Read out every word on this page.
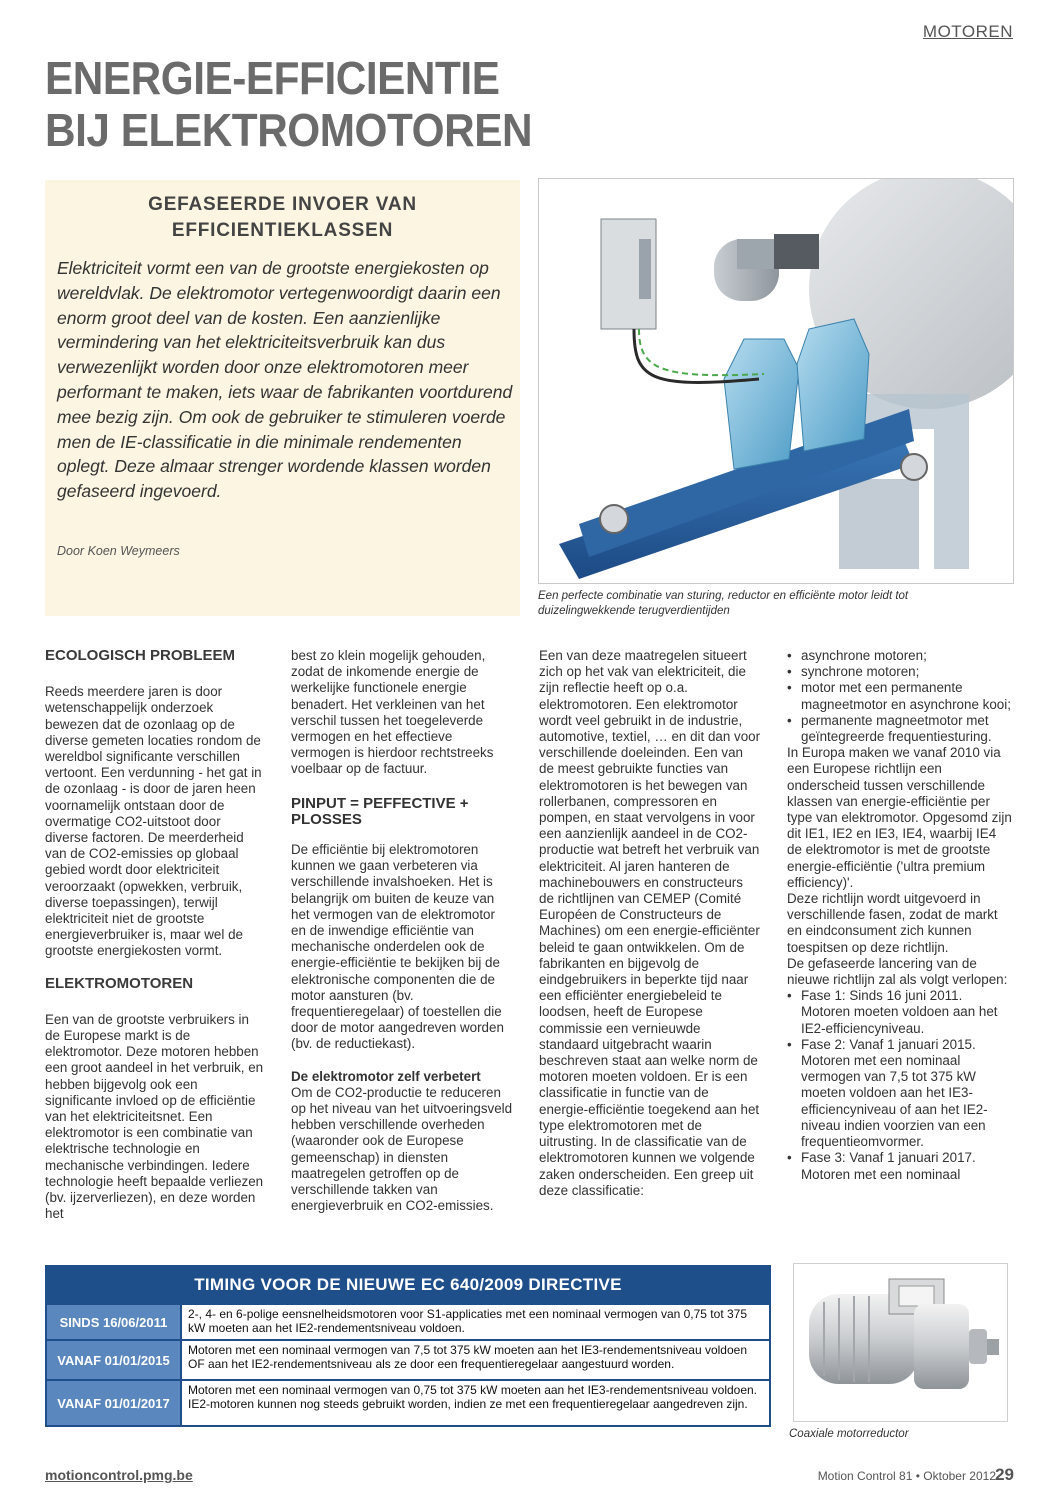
MOTOREN
ENERGIE-EFFICIENTIE
BIJ ELEKTROMOTOREN
GEFASEERDE INVOER VAN
EFFICIENTIEKLASSEN
Elektriciteit vormt een van de grootste energiekosten op wereldvlak. De elektromotor vertegenwoordigt daarin een enorm groot deel van de kosten. Een aanzienlijke vermindering van het elektriciteitsverbruik kan dus verwezenlijkt worden door onze elektromotoren meer performant te maken, iets waar de fabrikanten voortdurend mee bezig zijn. Om ook de gebruiker te stimuleren voerde men de IE-classificatie in die minimale rendementen oplegt. Deze almaar strenger wordende klassen worden gefaseerd ingevoerd.
Door Koen Weymeers
Een perfecte combinatie van sturing, reductor en efficiënte motor leidt tot duizelingwekkende terugverdientijden

ECOLOGISCH PROBLEEM

Reeds meerdere jaren is door wetenschappelijk onderzoek bewezen dat de ozonlaag op de diverse gemeten locaties rondom de wereldbol significante verschillen vertoont. Een verdunning - het gat in de ozonlaag - is door de jaren heen voornamelijk ontstaan door de overmatige CO2-uitstoot door diverse factoren. De meerderheid van de CO2-emissies op globaal gebied wordt door elektriciteit veroorzaakt (opwekken, verbruik, diverse toepassingen), terwijl elektriciteit niet de grootste energieverbruiker is, maar wel de grootste energiekosten vormt.

ELEKTROMOTOREN

Een van de grootste verbruikers in de Europese markt is de elektromotor. Deze motoren hebben een groot aandeel in het verbruik, en hebben bijgevolg ook een significante invloed op de efficiëntie van het elektriciteitsnet. Een elektromotor is een combinatie van elektrische technologie en mechanische verbindingen. Iedere technologie heeft bepaalde verliezen (bv. ijzerverliezen), en deze worden het

best zo klein mogelijk gehouden, zodat de inkomende energie de werkelijke functionele energie benadert. Het verkleinen van het verschil tussen het toegeleverde vermogen en het effectieve vermogen is hierdoor rechtstreeks voelbaar op de factuur.

PINPUT = PEFFECTIVE + PLOSSES

De efficiëntie bij elektromotoren kunnen we gaan verbeteren via verschillende invalshoeken. Het is belangrijk om buiten de keuze van het vermogen van de elektromotor en de inwendige efficiëntie van mechanische onderdelen ook de energie-efficiëntie te bekijken bij de elektronische componenten die de motor aansturen (bv. frequentieregelaar) of toestellen die door de motor aangedreven worden (bv. de reductiekast).

De elektromotor zelf verbetert

Om de CO2-productie te reduceren op het niveau van het uitvoeringsveld hebben verschillende overheden (waaronder ook de Europese gemeenschap) in diensten maatregelen getroffen op de verschillende takken van energieverbruik en CO2-emissies.

Een van deze maatregelen situeert zich op het vak van elektriciteit, die zijn reflectie heeft op o.a. elektromotoren. Een elektromotor wordt veel gebruikt in de industrie, automotive, textiel, … en dit dan voor verschillende doeleinden. Een van de meest gebruikte functies van elektromotoren is het bewegen van rollerbanen, compressoren en pompen, en staat vervolgens in voor een aanzienlijk aandeel in de CO2-productie wat betreft het verbruik van elektriciteit. Al jaren hanteren de machinebouwers en constructeurs de richtlijnen van CEMEP (Comité Européen de Constructeurs de Machines) om een energie-efficiënter beleid te gaan ontwikkelen. Om de fabrikanten en bijgevolg de eindgebruikers in beperkte tijd naar een efficiënter energiebeleid te loodsen, heeft de Europese commissie een vernieuwde standaard uitgebracht waarin beschreven staat aan welke norm de motoren moeten voldoen. Er is een classificatie in functie van de energie-efficiëntie toegekend aan het type elektromotoren met de uitrusting. In de classificatie van de elektromotoren kunnen we volgende zaken onderscheiden. Een greep uit deze classificatie:

• asynchrone motoren;
• synchrone motoren;
• motor met een permanente magneetmotor en asynchrone kooi;
• permanente magneetmotor met geïntegreerde frequentiesturing.

In Europa maken we vanaf 2010 via een Europese richtlijn een onderscheid tussen verschillende klassen van energie-efficiëntie per type van elektromotor. Opgesomd zijn dit IE1, IE2 en IE3, IE4, waarbij IE4 de elektromotor is met de grootste energie-efficiëntie ('ultra premium efficiency)'.

Deze richtlijn wordt uitgevoerd in verschillende fasen, zodat de markt en eindconsument zich kunnen toespitsen op deze richtlijn.

De gefaseerde lancering van de nieuwe richtlijn zal als volgt verlopen:

• Fase 1: Sinds 16 juni 2011. Motoren moeten voldoen aan het IE2-efficiencyniveau.
• Fase 2: Vanaf 1 januari 2015. Motoren met een nominaal vermogen van 7,5 tot 375 kW moeten voldoen aan het IE3-efficiencyniveau of aan het IE2-niveau indien voorzien van een frequentieomvormer.
• Fase 3: Vanaf 1 januari 2017. Motoren met een nominaal
TIMING VOOR DE NIEUWE EC 640/2009 DIRECTIVE
SINDS 16/06/2011
2-, 4- en 6-polige eensnelheidsmotoren voor S1-applicaties met een nominaal vermogen van 0,75 tot 375 kW moeten aan het IE2-rendementsniveau voldoen.
VANAF 01/01/2015
Motoren met een nominaal vermogen van 7,5 tot 375 kW moeten aan het IE3-rendementsniveau voldoen OF aan het IE2-rendementsniveau als ze door een frequentieregelaar aangestuurd worden.
VANAF 01/01/2017
Motoren met een nominaal vermogen van 0,75 tot 375 kW moeten aan het IE3-rendementsniveau voldoen. IE2-motoren kunnen nog steeds gebruikt worden, indien ze met een frequentieregelaar aangedreven zijn.
Coaxiale motorreductor
motioncontrol.pmg.be	Motion Control 81 • Oktober 2012 29
